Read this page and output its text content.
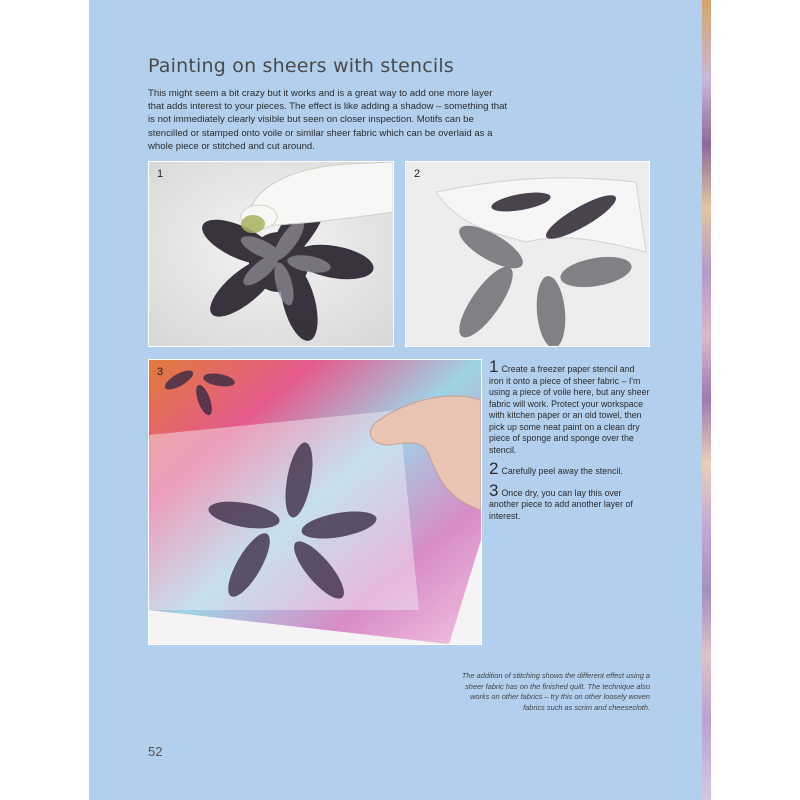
Painting on sheers with stencils

This might seem a bit crazy but it works and is a great way to add one more layer that adds interest to your pieces. The effect is like adding a shadow – something that is not immediately clearly visible but seen on closer inspection. Motifs can be stencilled or stamped onto voile or similar sheer fabric which can be overlaid as a whole piece or stitched and cut around.

1	2
3	1 Create a freezer paper stencil and iron it onto a piece of sheer fabric – I'm using a piece of voile here, but any sheer fabric will work. Protect your workspace with kitchen paper or an old towel, then pick up some neat paint on a clean dry piece of sponge and sponge over the stencil.
2 Carefully peel away the stencil.
3 Once dry, you can lay this over another piece to add another layer of interest.

The addition of stitching shows the different effect using a sheer fabric has on the finished quilt. The technique also works on other fabrics – try this on other loosely woven fabrics such as scrim and cheesecloth.

52
